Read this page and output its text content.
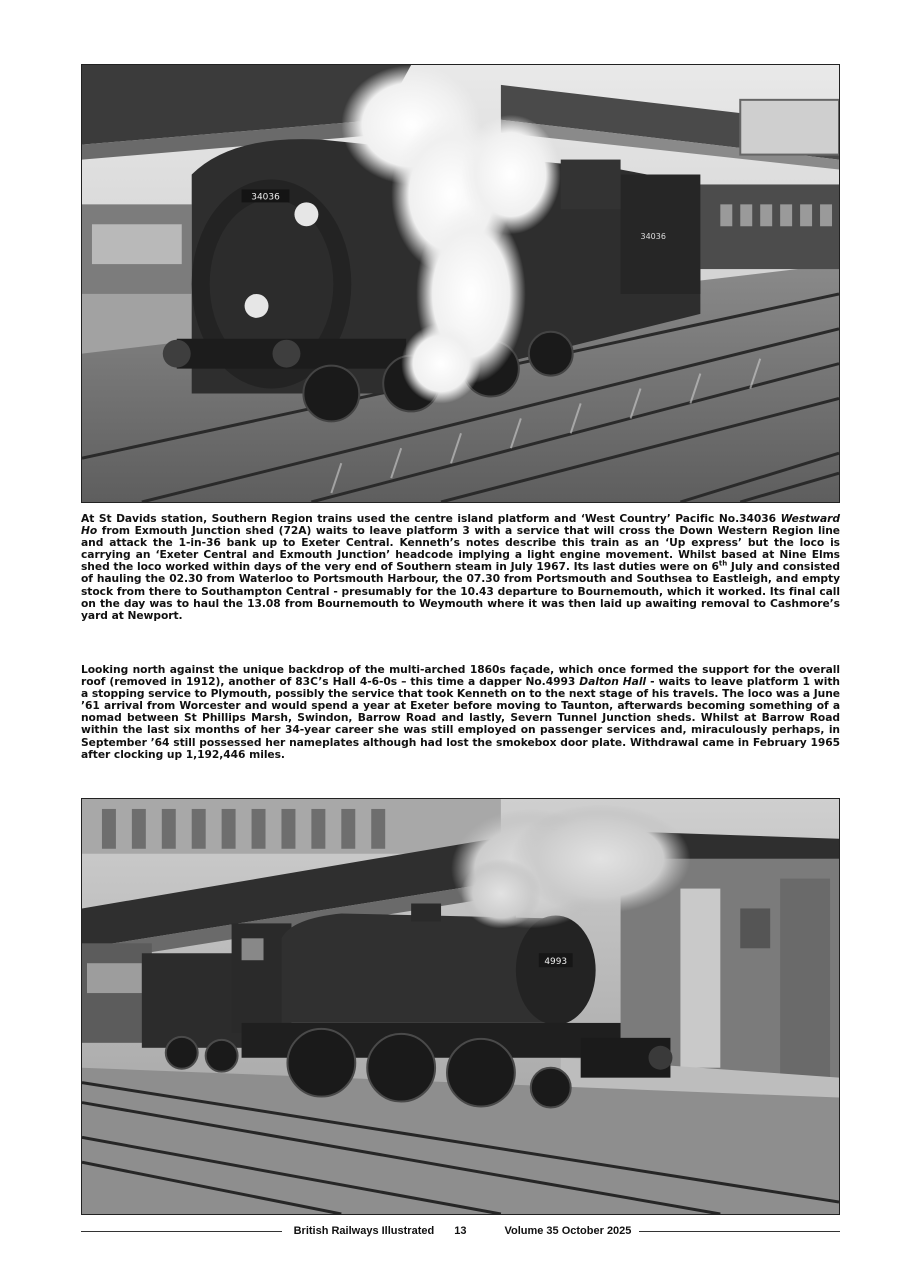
34036
34036

At St Davids station, Southern Region trains used the centre island platform and ‘West Country’ Pacific No.34036 Westward Ho from Exmouth Junction shed (72A) waits to leave platform 3 with a service that will cross the Down Western Region line and attack the 1-in-36 bank up to Exeter Central. Kenneth’s notes describe this train as an ‘Up express’ but the loco is carrying an ‘Exeter Central and Exmouth Junction’ headcode implying a light engine movement. Whilst based at Nine Elms shed the loco worked within days of the very end of Southern steam in July 1967. Its last duties were on 6th July and consisted of hauling the 02.30 from Waterloo to Portsmouth Harbour, the 07.30 from Portsmouth and Southsea to Eastleigh, and empty stock from there to Southampton Central - presumably for the 10.43 departure to Bournemouth, which it worked. Its final call on the day was to haul the 13.08 from Bournemouth to Weymouth where it was then laid up awaiting removal to Cashmore’s yard at Newport.

Looking north against the unique backdrop of the multi-arched 1860s façade, which once formed the support for the overall roof (removed in 1912), another of 83C’s Hall 4-6-0s – this time a dapper No.4993 Dalton Hall - waits to leave platform 1 with a stopping service to Plymouth, possibly the service that took Kenneth on to the next stage of his travels. The loco was a June ’61 arrival from Worcester and would spend a year at Exeter before moving to Taunton, afterwards becoming something of a nomad between St Phillips Marsh, Swindon, Barrow Road and lastly, Severn Tunnel Junction sheds. Whilst at Barrow Road within the last six months of her 34-year career she was still employed on passenger services and, miraculously perhaps, in September ’64 still possessed her nameplates although had lost the smokebox door plate. Withdrawal came in February 1965 after clocking up 1,192,446 miles.

4993
British Railways Illustrated 13	Volume 35 October 2025
